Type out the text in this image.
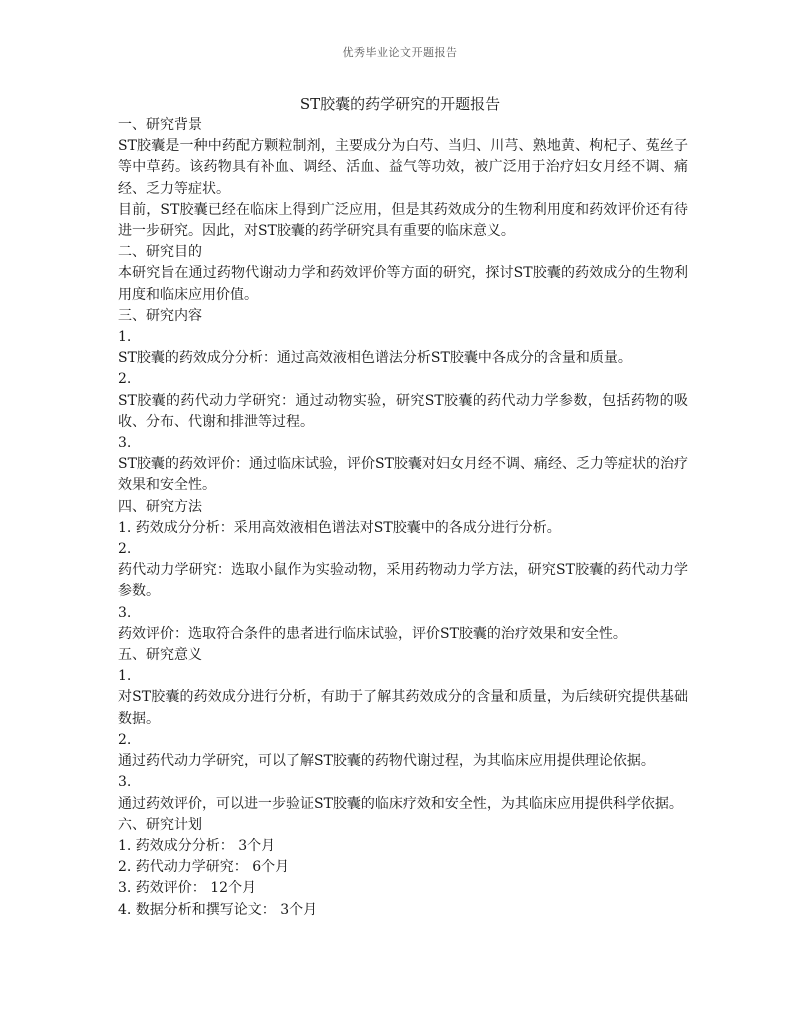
优秀毕业论文开题报告
ST胶囊的药学研究的开题报告

一、研究背景

ST胶囊是一种中药配方颗粒制剂，主要成分为白芍、当归、川芎、熟地黄、枸杞子、菟丝子等中草药。该药物具有补血、调经、活血、益气等功效，被广泛用于治疗妇女月经不调、痛经、乏力等症状。

目前，ST胶囊已经在临床上得到广泛应用，但是其药效成分的生物利用度和药效评价还有待进一步研究。因此，对ST胶囊的药学研究具有重要的临床意义。

二、研究目的

本研究旨在通过药物代谢动力学和药效评价等方面的研究，探讨ST胶囊的药效成分的生物利用度和临床应用价值。

三、研究内容

1.

ST胶囊的药效成分分析：通过高效液相色谱法分析ST胶囊中各成分的含量和质量。

2.

ST胶囊的药代动力学研究：通过动物实验，研究ST胶囊的药代动力学参数，包括药物的吸收、分布、代谢和排泄等过程。

3.

ST胶囊的药效评价：通过临床试验，评价ST胶囊对妇女月经不调、痛经、乏力等症状的治疗效果和安全性。

四、研究方法

1. 药效成分分析：采用高效液相色谱法对ST胶囊中的各成分进行分析。

2.

药代动力学研究：选取小鼠作为实验动物，采用药物动力学方法，研究ST胶囊的药代动力学参数。

3.

药效评价：选取符合条件的患者进行临床试验，评价ST胶囊的治疗效果和安全性。

五、研究意义

1.

对ST胶囊的药效成分进行分析，有助于了解其药效成分的含量和质量，为后续研究提供基础数据。

2.

通过药代动力学研究，可以了解ST胶囊的药物代谢过程，为其临床应用提供理论依据。

3.

通过药效评价，可以进一步验证ST胶囊的临床疗效和安全性，为其临床应用提供科学依据。

六、研究计划

1. 药效成分分析： 3个月

2. 药代动力学研究： 6个月

3. 药效评价： 12个月

4. 数据分析和撰写论文： 3个月
